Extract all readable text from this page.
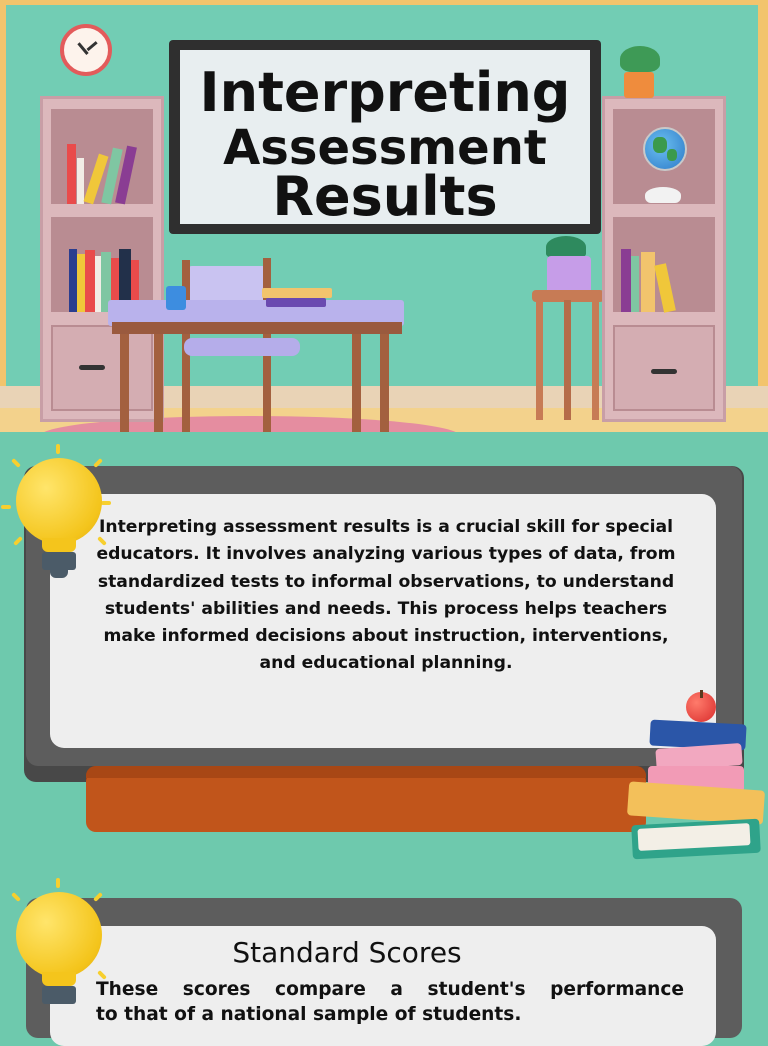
Interpreting
Assessment
Results

Interpreting assessment results is a crucial skill for special educators. It involves analyzing various types of data, from standardized tests to informal observations, to understand students' abilities and needs. This process helps teachers make informed decisions about instruction, interventions, and educational planning.

Standard Scores

These scores compare a student's performance

to that of a national sample of students.
